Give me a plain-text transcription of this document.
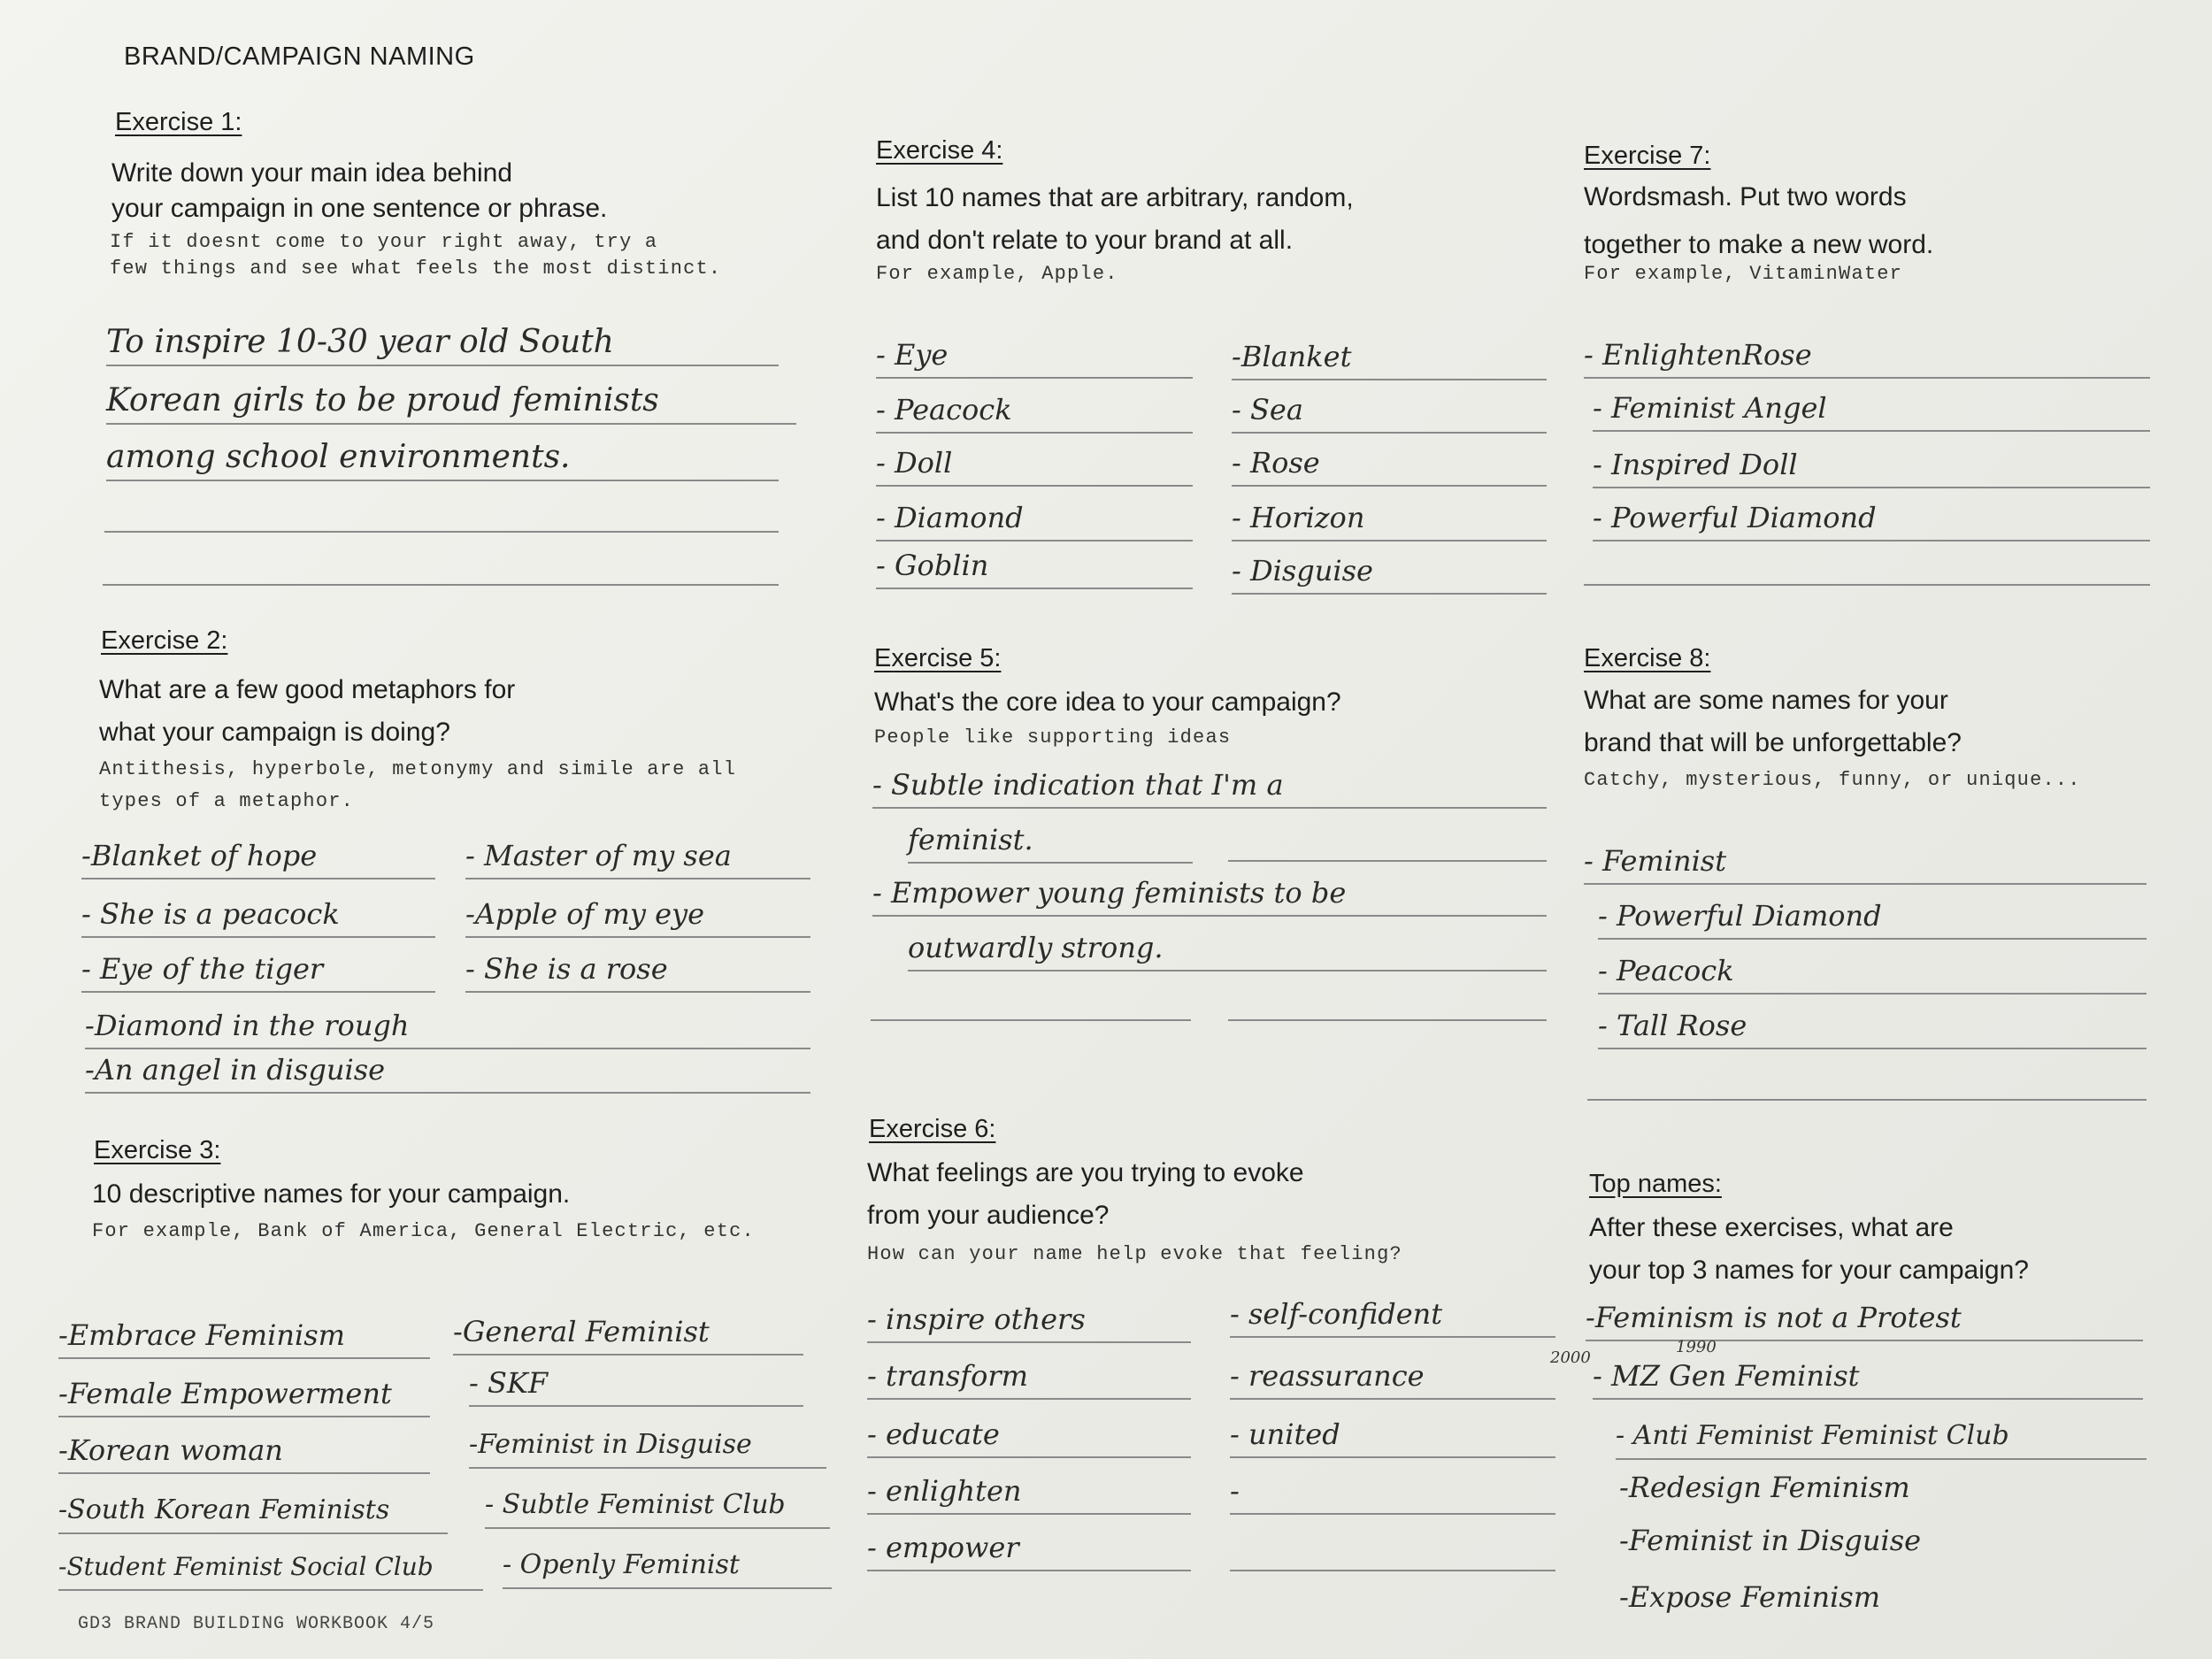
BRAND/CAMPAIGN NAMING
Exercise 1:
Write down your main idea behind
your campaign in one sentence or phrase.
If it doesnt come to your right away, try a
few things and see what feels the most distinct.
To inspire 10-30 year old South
Korean girls to be proud feminists
among school environments.
Exercise 2:
What are a few good metaphors for
what your campaign is doing?
Antithesis, hyperbole, metonymy and simile are all
types of a metaphor.
-Blanket of hope
- She is a peacock
- Eye of the tiger
- Master of my sea
-Apple of my eye
- She is a rose
-Diamond in the rough
-An angel in disguise
Exercise 3:
10 descriptive names for your campaign.
For example, Bank of America, General Electric, etc.
-Embrace Feminism
-Female Empowerment
-Korean woman
-South Korean Feminists
-Student Feminist Social Club
-General Feminist
- SKF
-Feminist in Disguise
- Subtle Feminist Club
- Openly Feminist
Exercise 4:
List 10 names that are arbitrary, random,
and don't relate to your brand at all.
For example, Apple.
- Eye
- Peacock
- Doll
- Diamond
- Goblin
-Blanket
- Sea
- Rose
- Horizon
- Disguise
Exercise 5:
What's the core idea to your campaign?
People like supporting ideas
- Subtle indication that I'm a
feminist.
- Empower young feminists to be
outwardly strong.
Exercise 6:
What feelings are you trying to evoke
from your audience?
How can your name help evoke that feeling?
- inspire others
- transform
- educate
- enlighten
- empower
- self-confident
- reassurance
- united
-
Exercise 7:
Wordsmash. Put two words
together to make a new word.
For example, VitaminWater
- EnlightenRose
- Feminist Angel
- Inspired Doll
- Powerful Diamond
Exercise 8:
What are some names for your
brand that will be unforgettable?
Catchy, mysterious, funny, or unique...
- Feminist
- Powerful Diamond
- Peacock
- Tall Rose
Top names:
After these exercises, what are
your top 3 names for your campaign?
-Feminism is not a Protest
2000
1990
- MZ Gen Feminist
- Anti Feminist Feminist Club
-Redesign Feminism
-Feminist in Disguise
-Expose Feminism
GD3 BRAND BUILDING WORKBOOK 4/5
